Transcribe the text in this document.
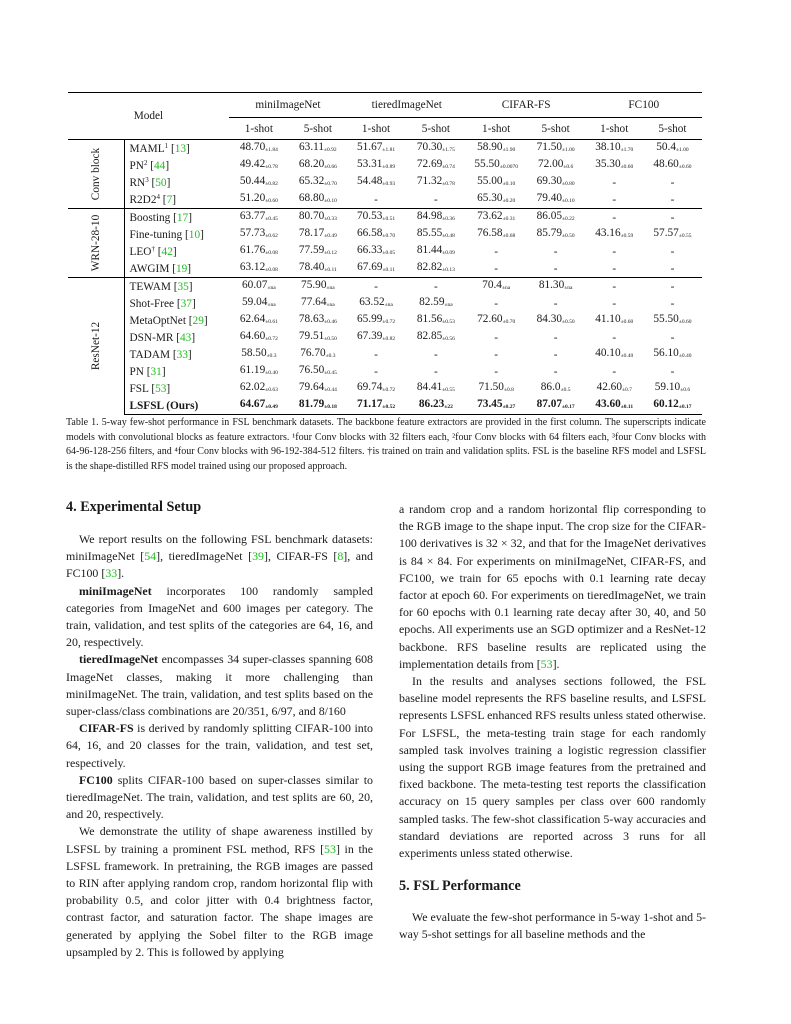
Model		miniImageNet		tieredImageNet		CIFAR-FS		FC100	
		1-shot	5-shot	1-shot	5-shot	1-shot	5-shot	1-shot	5-shot
Conv block	MAML$^1$ [13]	$48.70_{\pm 1.84}$	$63.11_{\pm 0.92}$	$51.67_{\pm 1.81}$	$70.30_{\pm 1.75}$	$58.90_{\pm 1.90}$	$71.50_{\pm 1.00}$	$38.10_{\pm 1.70}$	$50.4_{\pm 1.00}$
	$PN^2$ [44]	$49.42_{\pm 0.78}$	$68.20_{\pm 0.66}$	$53.31_{\pm 0.89}$	$72.69_{\pm 0.74}$	$55.50_{\pm 0.0070}$	$72.00_{\pm 0.6}$	$35.30_{\pm 0.60}$	$48.60_{\pm 0.60}$
	$RN^3$ [50]	$50.44_{\pm 0.82}$	$65.32_{\pm 0.70}$	$54.48_{\pm 0.93}$	$71.32_{\pm 0.78}$	$55.00_{\pm 0.10}$	$69.30_{\pm 0.80}$	-	-
	$R2D2^4$ [7]	$51.20_{\pm 0.60}$	$68.80_{\pm 0.10}$	-	-	$65.30_{\pm 0.20}$	$79.40_{\pm 0.10}$	-	-
WRN-28-10	Boosting [17]	$63.77_{\pm 0.45}$	$80.70_{\pm 0.33}$	$70.53_{\pm 0.51}$	$84.98_{\pm 0.36}$	$73.62_{\pm 0.31}$	$86.05_{\pm 0.22}$	-	-
	Fine-tuning [10]	$57.73_{\pm 0.62}$	$78.17_{\pm 0.49}$	$66.58_{\pm 0.70}$	$85.55_{\pm 0.48}$	$76.58_{\pm 0.68}$	$85.79_{\pm 0.50}$	$43.16_{\pm 0.59}$	$57.57_{\pm 0.55}$
	LEO† [42]	$61.76_{\pm 0.08}$	$77.59_{\pm 0.12}$	$66.33_{\pm 0.05}$	$81.44_{\pm 0.09}$	-	-	-	-
	AWGIM [19]	$63.12_{\pm 0.08}$	$78.40_{\pm 0.11}$	$67.69_{\pm 0.11}$	$82.82_{\pm 0.13}$	-	-	-	-
ResNet-12	TEWAM [35]	$60.07_{\pm na}$	$75.90_{\pm na}$	-	-	$70.4_{\pm na}$	$81.30_{\pm na}$	-	-
	Shot-Free [37]	$59.04_{\pm na}$	$77.64_{\pm na}$	$63.52_{\pm na}$	$82.59_{\pm na}$	-	-	-	-
	MetaOptNet [29]	$62.64_{\pm 0.61}$	$78.63_{\pm 0.46}$	$65.99_{\pm 0.72}$	$81.56_{\pm 0.53}$	$72.60_{\pm 0.70}$	$84.30_{\pm 0.50}$	$41.10_{\pm 0.60}$	$55.50_{\pm 0.60}$
	DSN-MR [43]	$64.60_{\pm 0.72}$	$79.51_{\pm 0.50}$	$67.39_{\pm 0.82}$	$82.85_{\pm 0.56}$	-	-	-	-
	TADAM [33]	$58.50_{\pm 0.3}$	$76.70_{\pm 0.3}$	-	-	-	-	$40.10_{\pm 0.40}$	$56.10_{\pm 0.40}$
	PN [31]	$61.19_{\pm 0.40}$	$76.50_{\pm 0.45}$	-	-	-	-	-	-
	FSL [53]	$62.02_{\pm 0.63}$	$79.64_{\pm 0.44}$	$69.74_{\pm 0.72}$	$84.41_{\pm 0.55}$	$71.50_{\pm 0.8}$	$86.0_{\pm 0.5}$	$42.60_{\pm 0.7}$	$59.10_{\pm 0.6}$
	LSFSL (Ours)	$64.67_{\pm 0.49}$	$81.79_{\pm 0.18}$	$71.17_{\pm 0.52}$	$86.23_{\pm 22}$	$73.45_{\pm 0.27}$	$87.07_{\pm 0.17}$	$43.60_{\pm 0.11}$	$60.12_{\pm 0.17}$
Table 1. 5-way few-shot performance in FSL benchmark datasets. The backbone feature extractors are provided in the first column. The superscripts indicate models with convolutional blocks as feature extractors. ¹four Conv blocks with 32 filters each, ²four Conv blocks with 64 filters each, ³four Conv blocks with 64-96-128-256 filters, and ⁴four Conv blocks with 96-192-384-512 filters. †is trained on train and validation splits. FSL is the baseline RFS model and LSFSL is the shape-distilled RFS model trained using our proposed approach.
4. Experimental Setup

We report results on the following FSL benchmark datasets: miniImageNet [54], tieredImageNet [39], CIFAR-FS [8], and FC100 [33].

miniImageNet incorporates 100 randomly sampled categories from ImageNet and 600 images per category. The train, validation, and test splits of the categories are 64, 16, and 20, respectively.

tieredImageNet encompasses 34 super-classes spanning 608 ImageNet classes, making it more challenging than miniImageNet. The train, validation, and test splits based on the super-class/class combinations are 20/351, 6/97, and 8/160

CIFAR-FS is derived by randomly splitting CIFAR-100 into 64, 16, and 20 classes for the train, validation, and test set, respectively.

FC100 splits CIFAR-100 based on super-classes similar to tieredImageNet. The train, validation, and test splits are 60, 20, and 20, respectively.

We demonstrate the utility of shape awareness instilled by LSFSL by training a prominent FSL method, RFS [53] in the LSFSL framework. In pretraining, the RGB images are passed to RIN after applying random crop, random horizontal flip with probability 0.5, and color jitter with 0.4 brightness factor, contrast factor, and saturation factor. The shape images are generated by applying the Sobel filter to the RGB image upsampled by 2. This is followed by applying

a random crop and a random horizontal flip corresponding to the RGB image to the shape input. The crop size for the CIFAR-100 derivatives is 32 × 32, and that for the ImageNet derivatives is 84 × 84. For experiments on miniImageNet, CIFAR-FS, and FC100, we train for 65 epochs with 0.1 learning rate decay factor at epoch 60. For experiments on tieredImageNet, we train for 60 epochs with 0.1 learning rate decay after 30, 40, and 50 epochs. All experiments use an SGD optimizer and a ResNet-12 backbone. RFS baseline results are replicated using the implementation details from [53].

In the results and analyses sections followed, the FSL baseline model represents the RFS baseline results, and LSFSL represents LSFSL enhanced RFS results unless stated otherwise. For LSFSL, the meta-testing train stage for each randomly sampled task involves training a logistic regression classifier using the support RGB image features from the pretrained and fixed backbone. The meta-testing test reports the classification accuracy on 15 query samples per class over 600 randomly sampled tasks. The few-shot classification 5-way accuracies and standard deviations are reported across 3 runs for all experiments unless stated otherwise.

5. FSL Performance

We evaluate the few-shot performance in 5-way 1-shot and 5-way 5-shot settings for all baseline methods and the
